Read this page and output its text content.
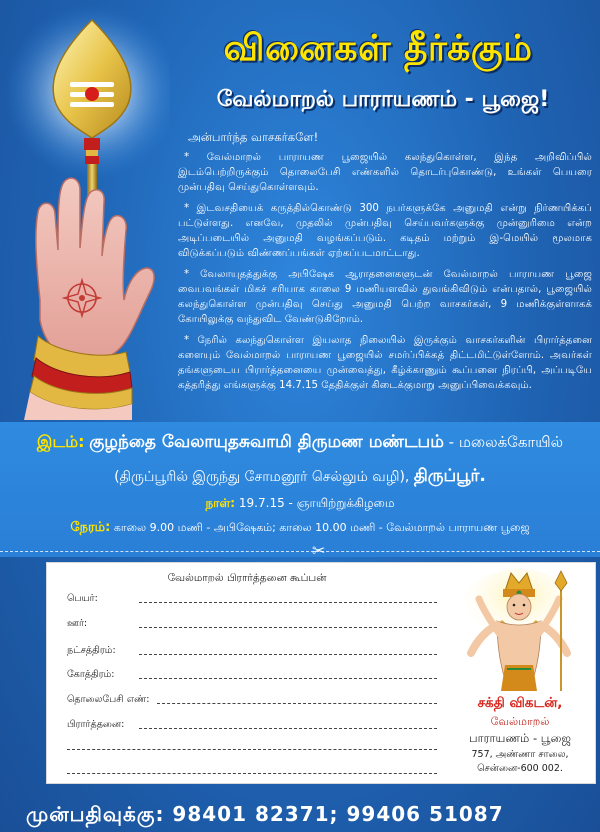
வினைகள் தீர்க்கும்
வேல்மாறல் பாராயணம் - பூஜை!
அன்பார்ந்த வாசகர்களே!

* வேல்மாறல் பாராயண பூஜையில் கலந்துகொள்ள, இந்த அறிவிப்பில் இடம்பெற்றிருக்கும் தொலைபேசி எண்களில் தொடர்புகொண்டு, உங்கள் பெயரை முன்பதிவு செய்துகொள்ளவும்.

* இடவசதியைக் கருத்தில்கொண்டு 300 நபர்களுக்கே அனுமதி என்று நிர்ணயிக்கப் பட்டுள்ளது. எனவே, முதலில் முன்பதிவு செய்பவர்களுக்கு முன்னுரிமை என்ற அடிப்படையில் அனுமதி வழங்கப்படும். கடிதம் மற்றும் இ-மெயில் மூலமாக விடுக்கப்படும் விண்ணப்பங்கள் ஏற்கப்படமாட்டாது.

* வேலாயுதத்துக்கு அபிஷேக ஆராதனைகளுடன் வேல்மாறல் பாராயண பூஜை வைபவங்கள் மிகச் சரியாக காலை 9 மணியளவில் துவங்கிவிடும் என்பதால், பூஜையில் கலந்துகொள்ள முன்பதிவு செய்து அனுமதி பெற்ற வாசகர்கள், 9 மணிக்குள்ளாகக் கோயிலுக்கு வந்துவிட வேண்டுகிறோம்.

* நேரில் கலந்துகொள்ள இயலாத நிலையில் இருக்கும் வாசகர்களின் பிரார்த்தனை களையும் வேல்மாறல் பாராயண பூஜையில் சமர்ப்பிக்கத் திட்டமிட்டுள்ளோம். அவர்கள் தங்களுடைய பிரார்த்தனையை முன்வைத்து, கீழ்க்காணும் கூப்பனை நிரப்பி, அப்படியே கத்தரித்து எங்களுக்கு 14.7.15 தேதிக்குள் கிடைக்குமாறு அனுப்பிவைக்கவும்.

இடம்: குழந்தை வேலாயுதசுவாமி திருமண மண்டபம் - மலைக்கோயில்
(திருப்பூரில் இருந்து சோமனூர் செல்லும் வழி), திருப்பூர்.
நாள்: 19.7.15 - ஞாயிற்றுக்கிழமை
நேரம்: காலை 9.00 மணி - அபிஷேகம்; காலை 10.00 மணி - வேல்மாறல் பாராயண பூஜை
✂
வேல்மாறல் பிரார்த்தனை கூப்பன்
பெயர்:
ஊர்:
நட்சத்திரம்:
கோத்திரம்:
தொலைபேசி எண்:
பிரார்த்தனை:
சக்தி விகடன்,
வேல்மாறல்
பாராயணம் - பூஜை
757, அண்ணா சாலை,
சென்னை-600 002.
முன்பதிவுக்கு: 98401 82371; 99406 51087
